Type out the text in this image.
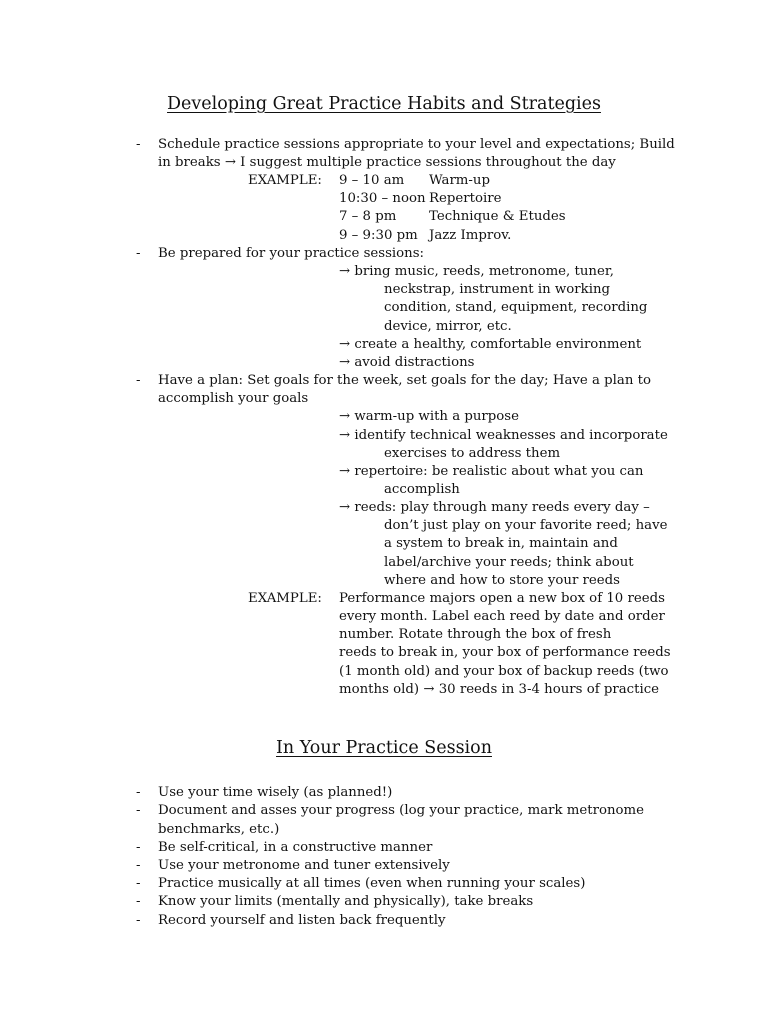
Developing Great Practice Habits and Strategies
- Schedule practice sessions appropriate to your level and expectations; Build
in breaks → I suggest multiple practice sessions throughout the day
EXAMPLE: 9 – 10 am Warm-up
10:30 – noon Repertoire
7 – 8 pm Technique & Etudes
9 – 9:30 pm Jazz Improv.
- Be prepared for your practice sessions:
→ bring music, reeds, metronome, tuner,
neckstrap, instrument in working
condition, stand, equipment, recording
device, mirror, etc.
→ create a healthy, comfortable environment
→ avoid distractions
- Have a plan: Set goals for the week, set goals for the day; Have a plan to
accomplish your goals
→ warm-up with a purpose
→ identify technical weaknesses and incorporate
exercises to address them
→ repertoire: be realistic about what you can
accomplish
→ reeds: play through many reeds every day –
don’t just play on your favorite reed; have
a system to break in, maintain and
label/archive your reeds; think about
where and how to store your reeds
EXAMPLE: Performance majors open a new box of 10 reeds
every month. Label each reed by date and order
number. Rotate through the box of fresh
reeds to break in, your box of performance reeds
(1 month old) and your box of backup reeds (two
months old) → 30 reeds in 3-4 hours of practice
In Your Practice Session
- Use your time wisely (as planned!)
- Document and asses your progress (log your practice, mark metronome
benchmarks, etc.)
- Be self-critical, in a constructive manner
- Use your metronome and tuner extensively
- Practice musically at all times (even when running your scales)
- Know your limits (mentally and physically), take breaks
- Record yourself and listen back frequently
